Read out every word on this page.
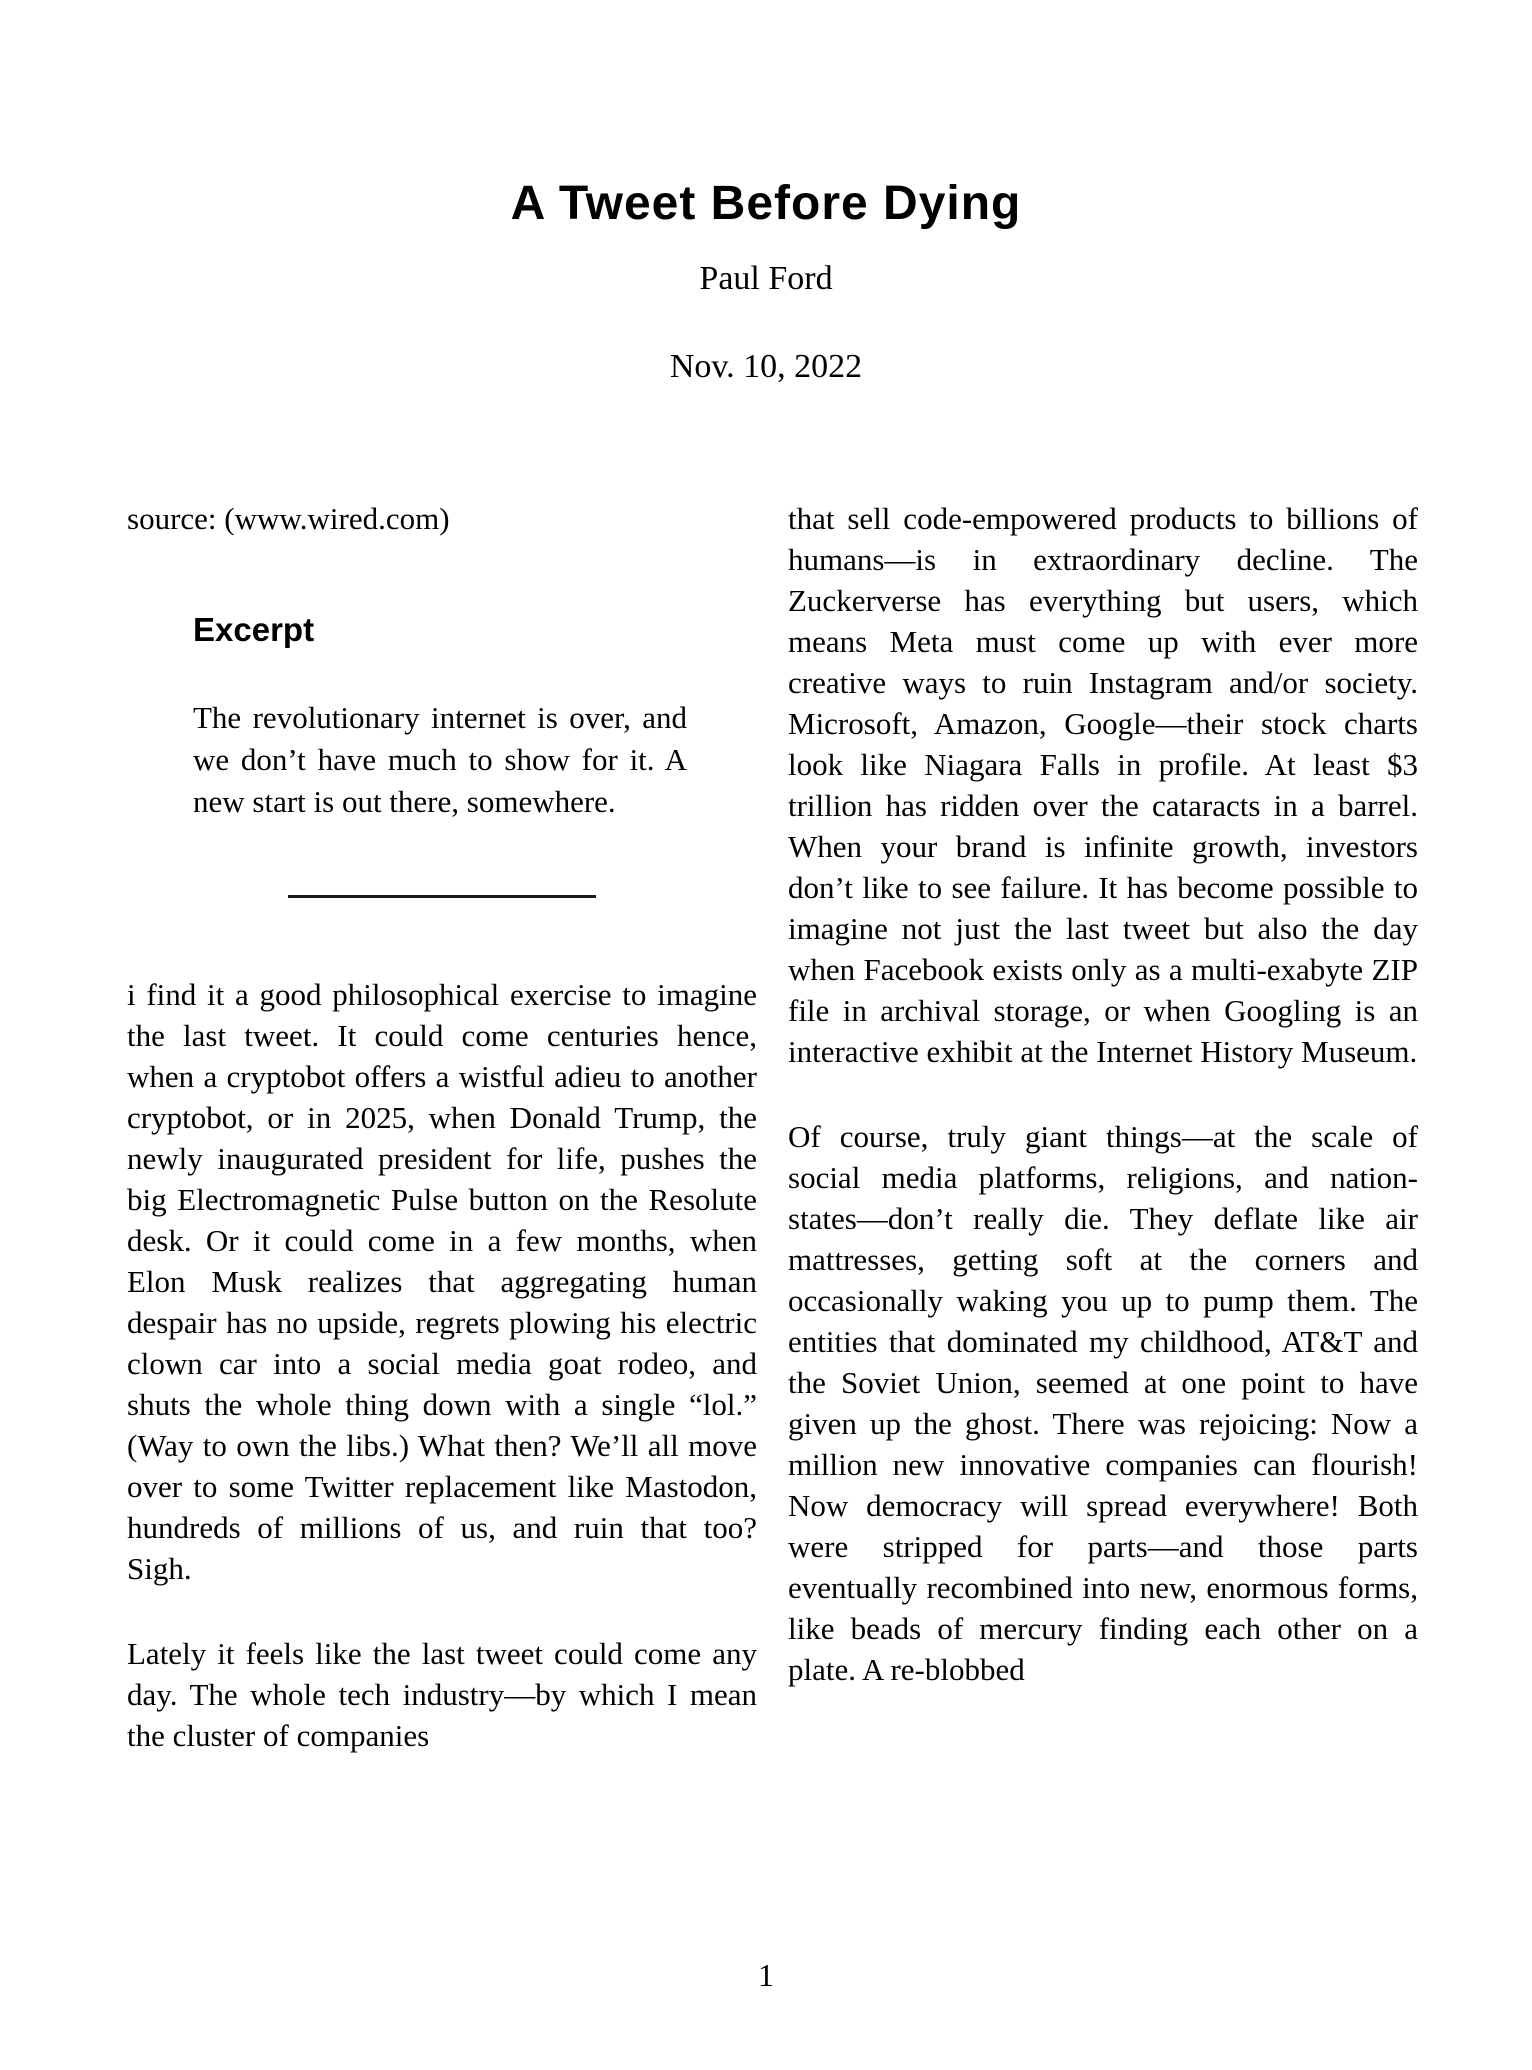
A Tweet Before Dying
Paul Ford
Nov. 10, 2022
source: (www.wired.com)
Excerpt
The revolutionary internet is over, and we don’t have much to show for it. A new start is out there, somewhere.

i find it a good philosophical exercise to imagine the last tweet. It could come centuries hence, when a cryptobot offers a wistful adieu to another cryptobot, or in 2025, when Donald Trump, the newly inaugurated president for life, pushes the big Electromagnetic Pulse button on the Resolute desk. Or it could come in a few months, when Elon Musk realizes that aggregating human despair has no upside, regrets plowing his electric clown car into a social media goat rodeo, and shuts the whole thing down with a single “lol.” (Way to own the libs.) What then? We’ll all move over to some Twitter replacement like Mastodon, hundreds of millions of us, and ruin that too? Sigh.

Lately it feels like the last tweet could come any day. The whole tech industry—by which I mean the cluster of companies

that sell code-empowered products to billions of humans—is in extraordinary decline. The Zuckerverse has everything but users, which means Meta must come up with ever more creative ways to ruin Instagram and/or society. Microsoft, Amazon, Google—their stock charts look like Niagara Falls in profile. At least $3 trillion has ridden over the cataracts in a barrel. When your brand is infinite growth, investors don’t like to see failure. It has become possible to imagine not just the last tweet but also the day when Facebook exists only as a multi-exabyte ZIP file in archival storage, or when Googling is an interactive exhibit at the Internet History Museum.

Of course, truly giant things—at the scale of social media platforms, religions, and nation-states—don’t really die. They deflate like air mattresses, getting soft at the corners and occasionally waking you up to pump them. The entities that dominated my childhood, AT&T and the Soviet Union, seemed at one point to have given up the ghost. There was rejoicing: Now a million new innovative companies can flourish! Now democracy will spread everywhere! Both were stripped for parts—and those parts eventually recombined into new, enormous forms, like beads of mercury finding each other on a plate. A re-blobbed

1
